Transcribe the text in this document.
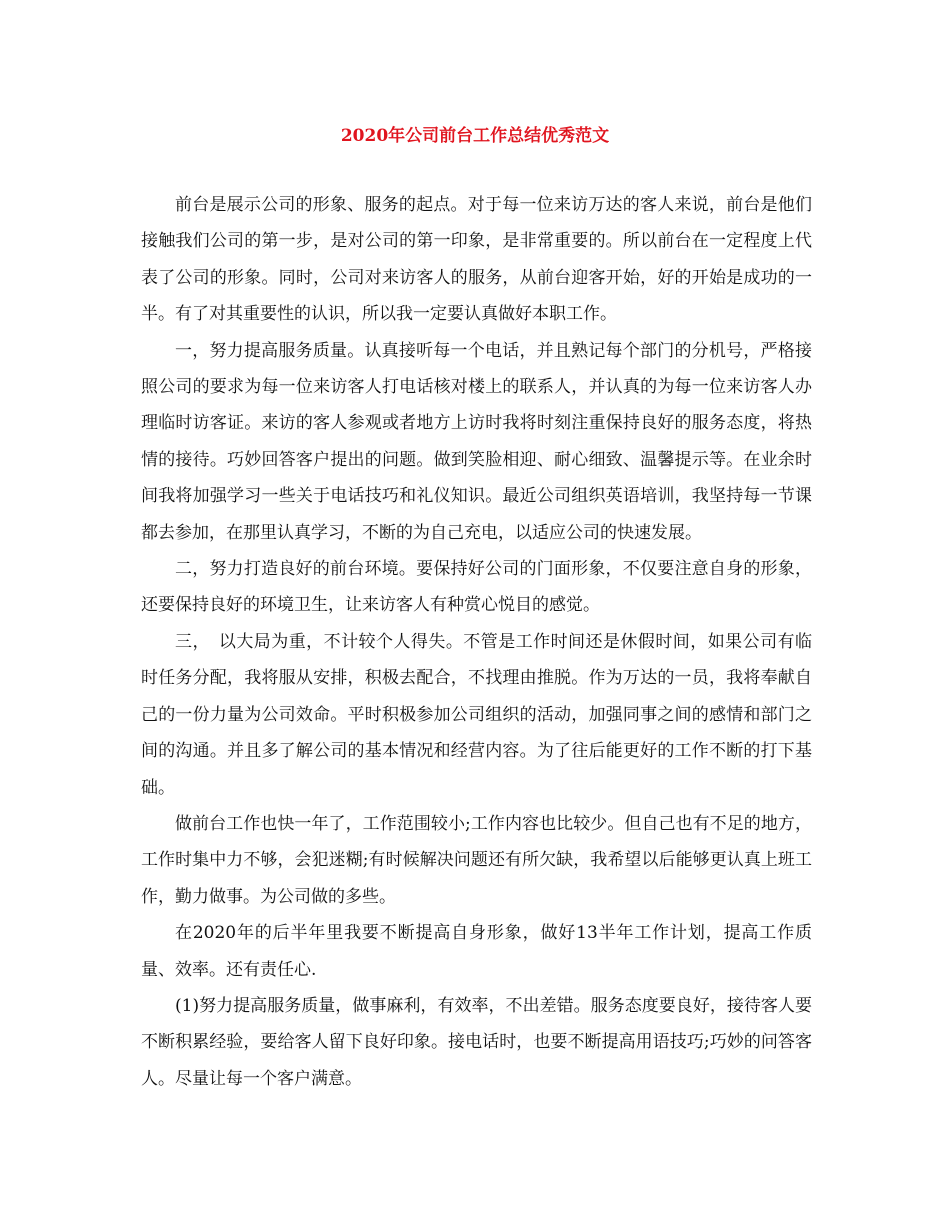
2020年公司前台工作总结优秀范文

前台是展示公司的形象、服务的起点。对于每一位来访万达的客人来说，前台是他们接触我们公司的第一步，是对公司的第一印象，是非常重要的。所以前台在一定程度上代表了公司的形象。同时，公司对来访客人的服务，从前台迎客开始，好的开始是成功的一半。有了对其重要性的认识，所以我一定要认真做好本职工作。

一，努力提高服务质量。认真接听每一个电话，并且熟记每个部门的分机号，严格接照公司的要求为每一位来访客人打电话核对楼上的联系人，并认真的为每一位来访客人办理临时访客证。来访的客人参观或者地方上访时我将时刻注重保持良好的服务态度，将热情的接待。巧妙回答客户提出的问题。做到笑脸相迎、耐心细致、温馨提示等。在业余时间我将加强学习一些关于电话技巧和礼仪知识。最近公司组织英语培训，我坚持每一节课都去参加，在那里认真学习，不断的为自己充电，以适应公司的快速发展。

二，努力打造良好的前台环境。要保持好公司的门面形象，不仅要注意自身的形象，还要保持良好的环境卫生，让来访客人有种赏心悦目的感觉。

三，　以大局为重，不计较个人得失。不管是工作时间还是休假时间，如果公司有临时任务分配，我将服从安排，积极去配合，不找理由推脱。作为万达的一员，我将奉献自己的一份力量为公司效命。平时积极参加公司组织的活动，加强同事之间的感情和部门之间的沟通。并且多了解公司的基本情况和经营内容。为了往后能更好的工作不断的打下基础。

做前台工作也快一年了，工作范围较小;工作内容也比较少。但自己也有不足的地方，工作时集中力不够，会犯迷糊;有时候解决问题还有所欠缺，我希望以后能够更认真上班工作，勤力做事。为公司做的多些。

在2020年的后半年里我要不断提高自身形象，做好13半年工作计划，提高工作质量、效率。还有责任心.

(1)努力提高服务质量，做事麻利，有效率，不出差错。服务态度要良好，接待客人要不断积累经验，要给客人留下良好印象。接电话时，也要不断提高用语技巧;巧妙的问答客人。尽量让每一个客户满意。
